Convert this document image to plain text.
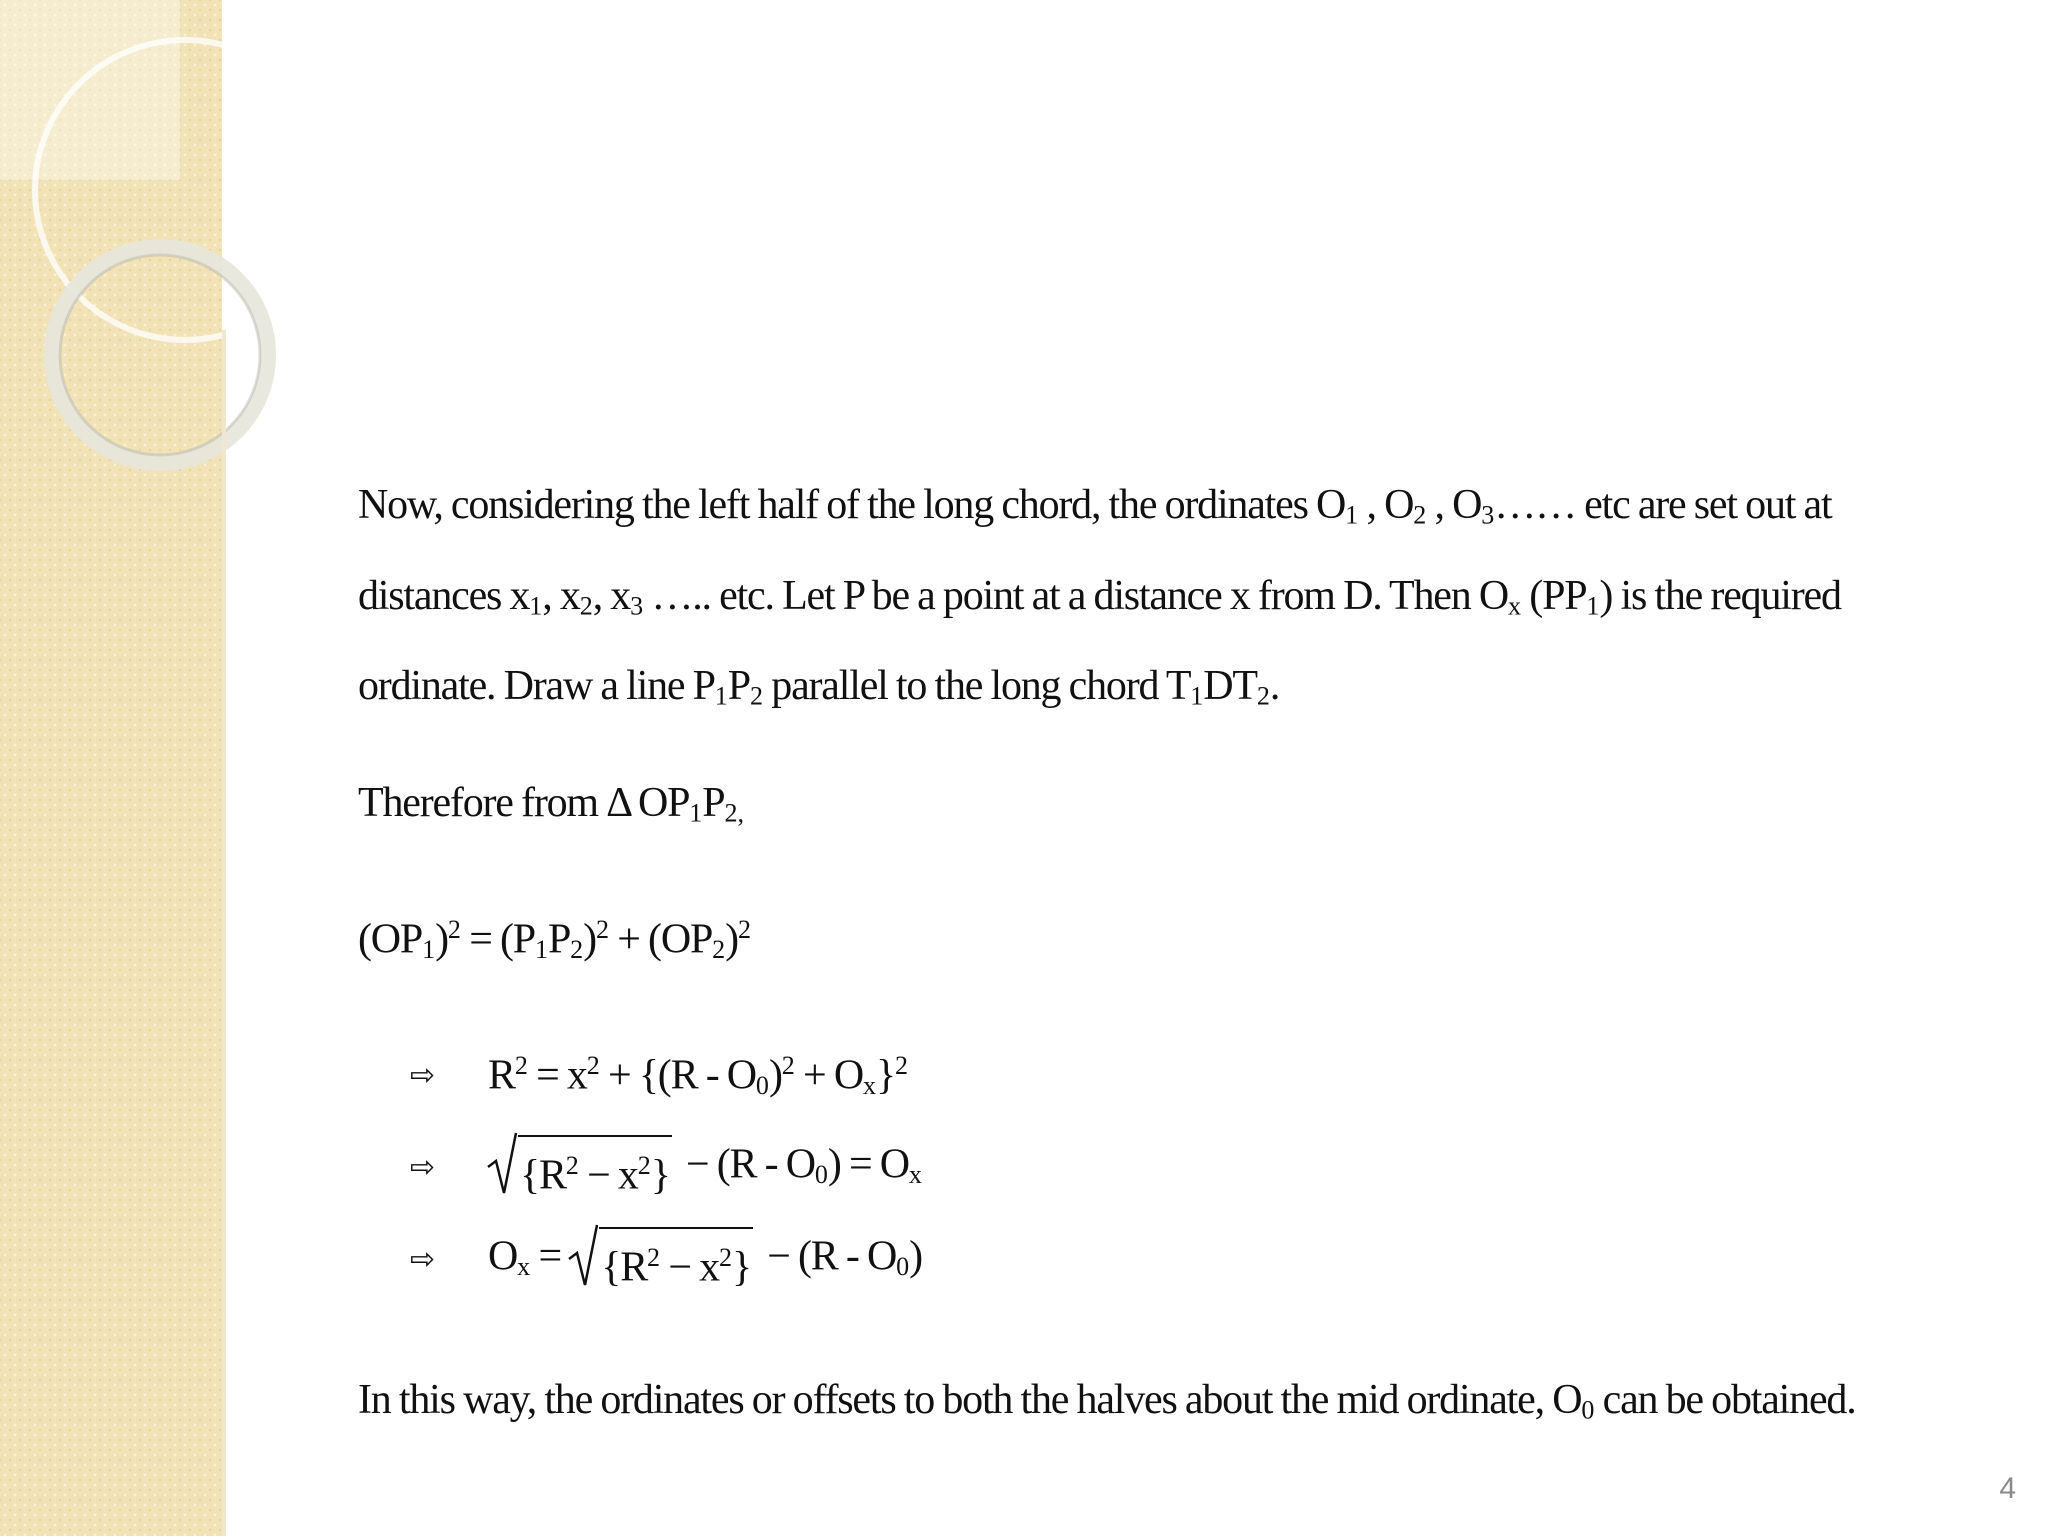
Now, considering the left half of the long chord, the ordinates $O_1$ , $O_2$ , $O_3\dots\dots$ etc are set out at distances $x_1$, $x_2$, $x_3$ ….. etc. Let P be a point at a distance x from D. Then $O_x$ $(PP_1)$ is the required ordinate. Draw a line $P_1P_2$ parallel to the long chord $T_1DT_2$.

Therefore from Δ $OP_1P_{2,}$

$(OP_1)^2 = (P_1P_2)^2 + (OP_2)^2$

⇨	$R^2 = x^2 + \{(R - O_0)^2 + O_x\}^2$
⇨	$\{R^2 - x^2\} - (R - O_0) = O_x$
⇨	$O_x$ =
$\{R^2 - x^2\} - (R - O_0)$

In this way, the ordinates or offsets to both the halves about the mid ordinate, $O_0$ can be obtained.

4
